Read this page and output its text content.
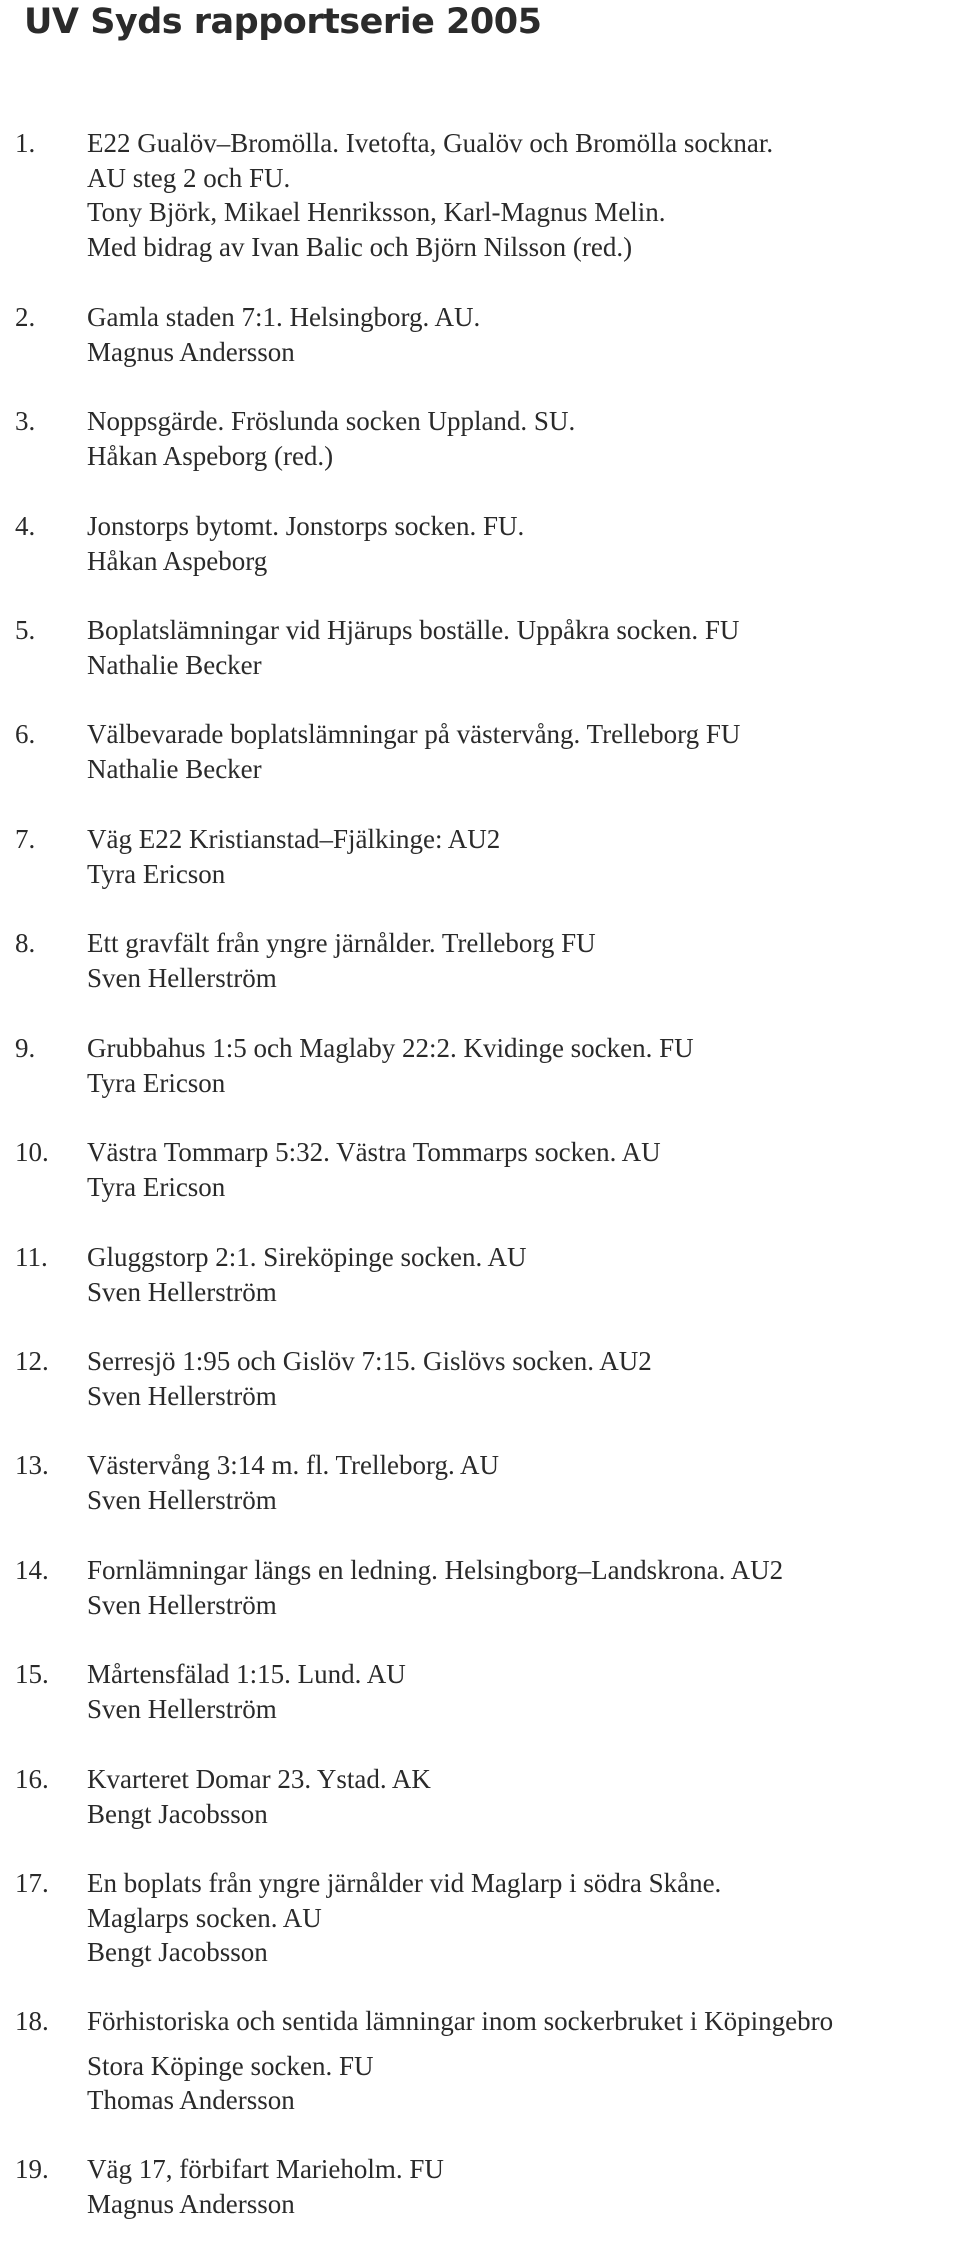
UV Syds rapportserie 2005
1. E22 Gualöv–Bromölla. Ivetofta, Gualöv och Bromölla socknar.
AU steg 2 och FU.
Tony Björk, Mikael Henriksson, Karl-Magnus Melin.
Med bidrag av Ivan Balic och Björn Nilsson (red.)
2. Gamla staden 7:1. Helsingborg. AU.
Magnus Andersson
3. Noppsgärde. Fröslunda socken Uppland. SU.
Håkan Aspeborg (red.)
4. Jonstorps bytomt. Jonstorps socken. FU.
Håkan Aspeborg
5. Boplatslämningar vid Hjärups boställe. Uppåkra socken. FU
Nathalie Becker
6. Välbevarade boplatslämningar på västervång. Trelleborg FU
Nathalie Becker
7. Väg E22 Kristianstad–Fjälkinge: AU2
Tyra Ericson
8. Ett gravfält från yngre järnålder. Trelleborg FU
Sven Hellerström
9. Grubbahus 1:5 och Maglaby 22:2. Kvidinge socken. FU
Tyra Ericson
10. Västra Tommarp 5:32. Västra Tommarps socken. AU
Tyra Ericson
11. Gluggstorp 2:1. Sireköpinge socken. AU
Sven Hellerström
12. Serresjö 1:95 och Gislöv 7:15. Gislövs socken. AU2
Sven Hellerström
13. Västervång 3:14 m. fl. Trelleborg. AU
Sven Hellerström
14. Fornlämningar längs en ledning. Helsingborg–Landskrona. AU2
Sven Hellerström
15. Mårtensfälad 1:15. Lund. AU
Sven Hellerström
16. Kvarteret Domar 23. Ystad. AK
Bengt Jacobsson
17. En boplats från yngre järnålder vid Maglarp i södra Skåne.
Maglarps socken. AU
Bengt Jacobsson
18. Förhistoriska och sentida lämningar inom sockerbruket i Köpingebro
Stora Köpinge socken. FU
Thomas Andersson
19. Väg 17, förbifart Marieholm. FU
Magnus Andersson
